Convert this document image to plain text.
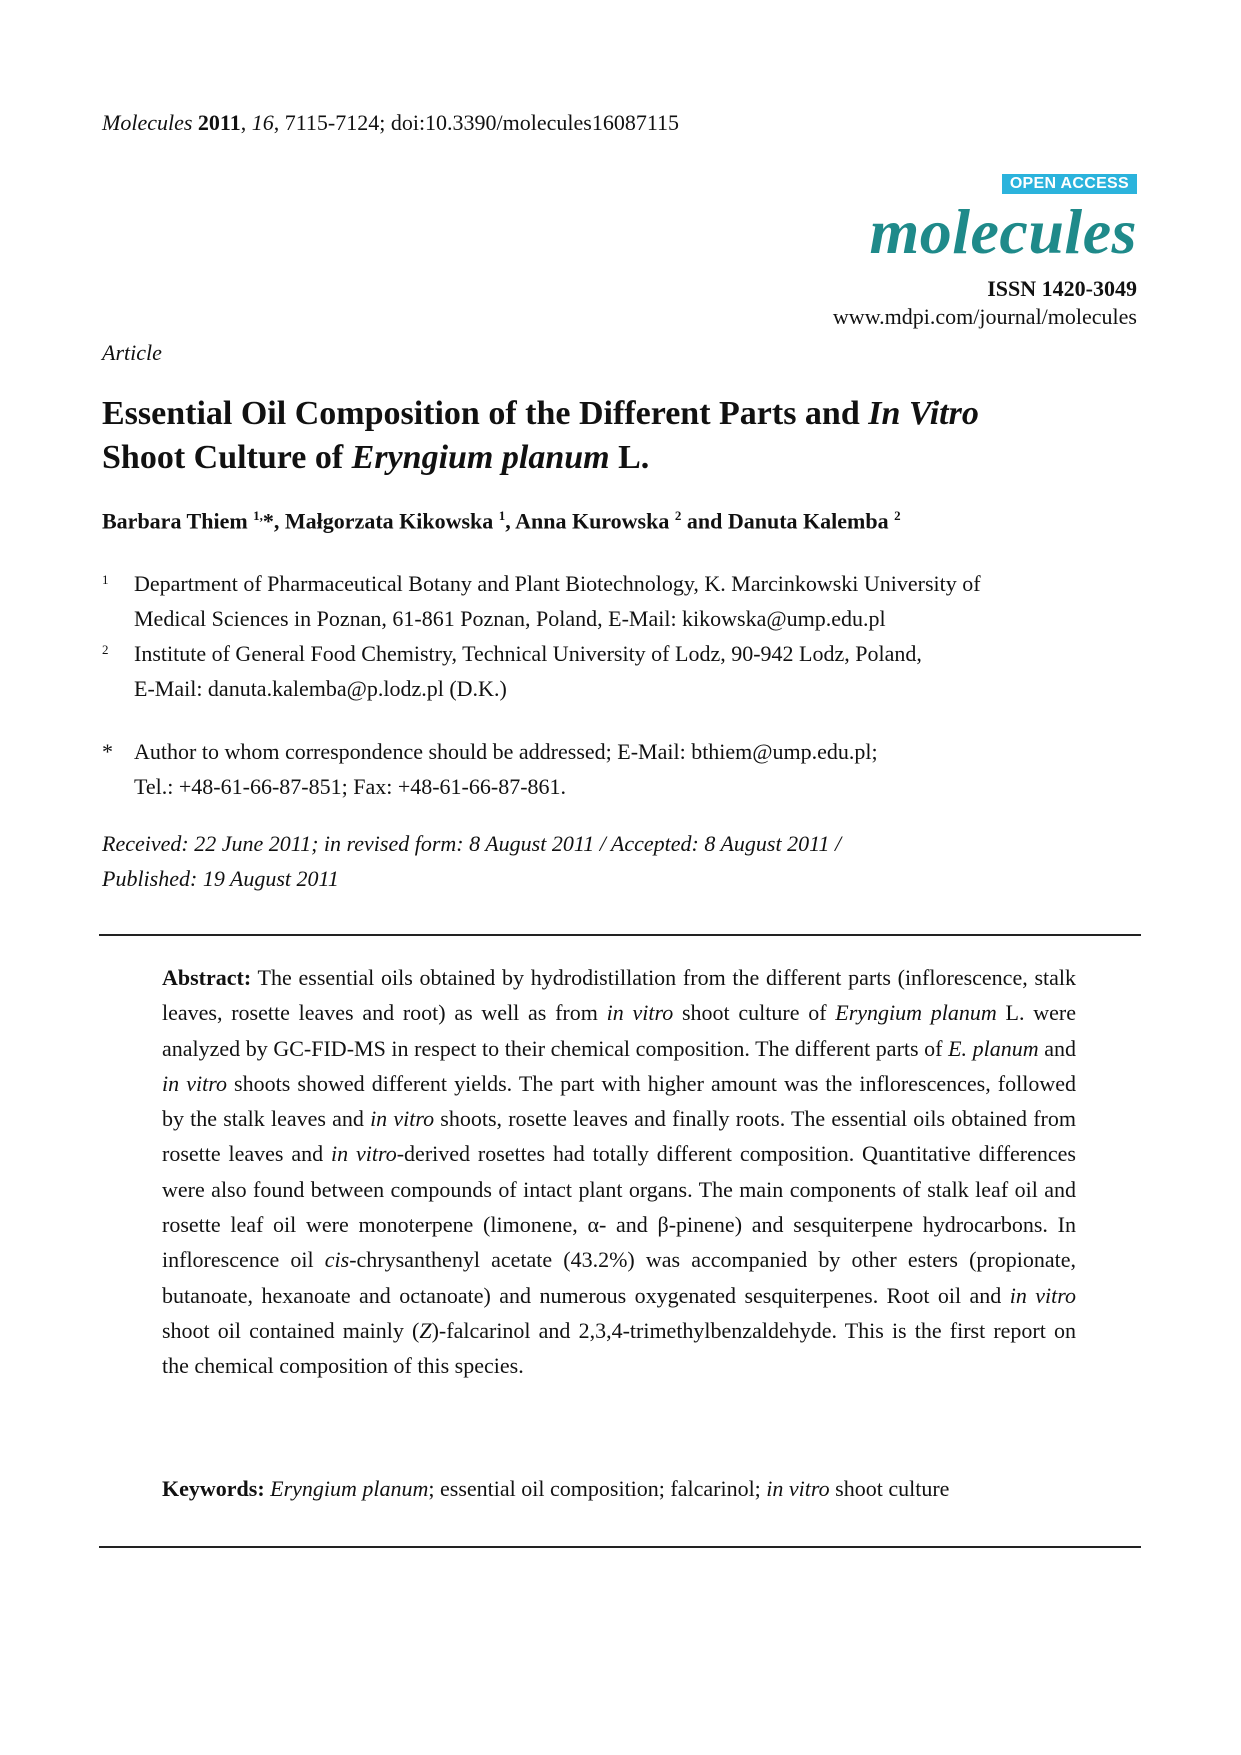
Molecules 2011, 16, 7115-7124; doi:10.3390/molecules16087115
OPEN ACCESS
molecules
ISSN 1420-3049
www.mdpi.com/journal/molecules
Article
Essential Oil Composition of the Different Parts and In Vitro
Shoot Culture of Eryngium planum L.
Barbara Thiem $^{1,}$*, Małgorzata Kikowska $^1$, Anna Kurowska $^2$ and Danuta Kalemba $^2$
1 Department of Pharmaceutical Botany and Plant Biotechnology, K. Marcinkowski University of
Medical Sciences in Poznan, 61-861 Poznan, Poland, E-Mail: kikowska@ump.edu.pl
2 Institute of General Food Chemistry, Technical University of Lodz, 90-942 Lodz, Poland,
E-Mail: danuta.kalemba@p.lodz.pl (D.K.)
* Author to whom correspondence should be addressed; E-Mail: bthiem@ump.edu.pl;
Tel.: +48-61-66-87-851; Fax: +48-61-66-87-861.
Received: 22 June 2011; in revised form: 8 August 2011 / Accepted: 8 August 2011 /
Published: 19 August 2011
Abstract: The essential oils obtained by hydrodistillation from the different parts (inflorescence, stalk leaves, rosette leaves and root) as well as from in vitro shoot culture of Eryngium planum L. were analyzed by GC-FID-MS in respect to their chemical composition. The different parts of E. planum and in vitro shoots showed different yields. The part with higher amount was the inflorescences, followed by the stalk leaves and in vitro shoots, rosette leaves and finally roots. The essential oils obtained from rosette leaves and in vitro-derived rosettes had totally different composition. Quantitative differences were also found between compounds of intact plant organs. The main components of stalk leaf oil and rosette leaf oil were monoterpene (limonene, α- and β-pinene) and sesquiterpene hydrocarbons. In inflorescence oil cis-chrysanthenyl acetate (43.2%) was accompanied by other esters (propionate, butanoate, hexanoate and octanoate) and numerous oxygenated sesquiterpenes. Root oil and in vitro shoot oil contained mainly (Z)-falcarinol and 2,3,4-trimethylbenzaldehyde. This is the first report on the chemical composition of this species.
Keywords: Eryngium planum; essential oil composition; falcarinol; in vitro shoot culture
